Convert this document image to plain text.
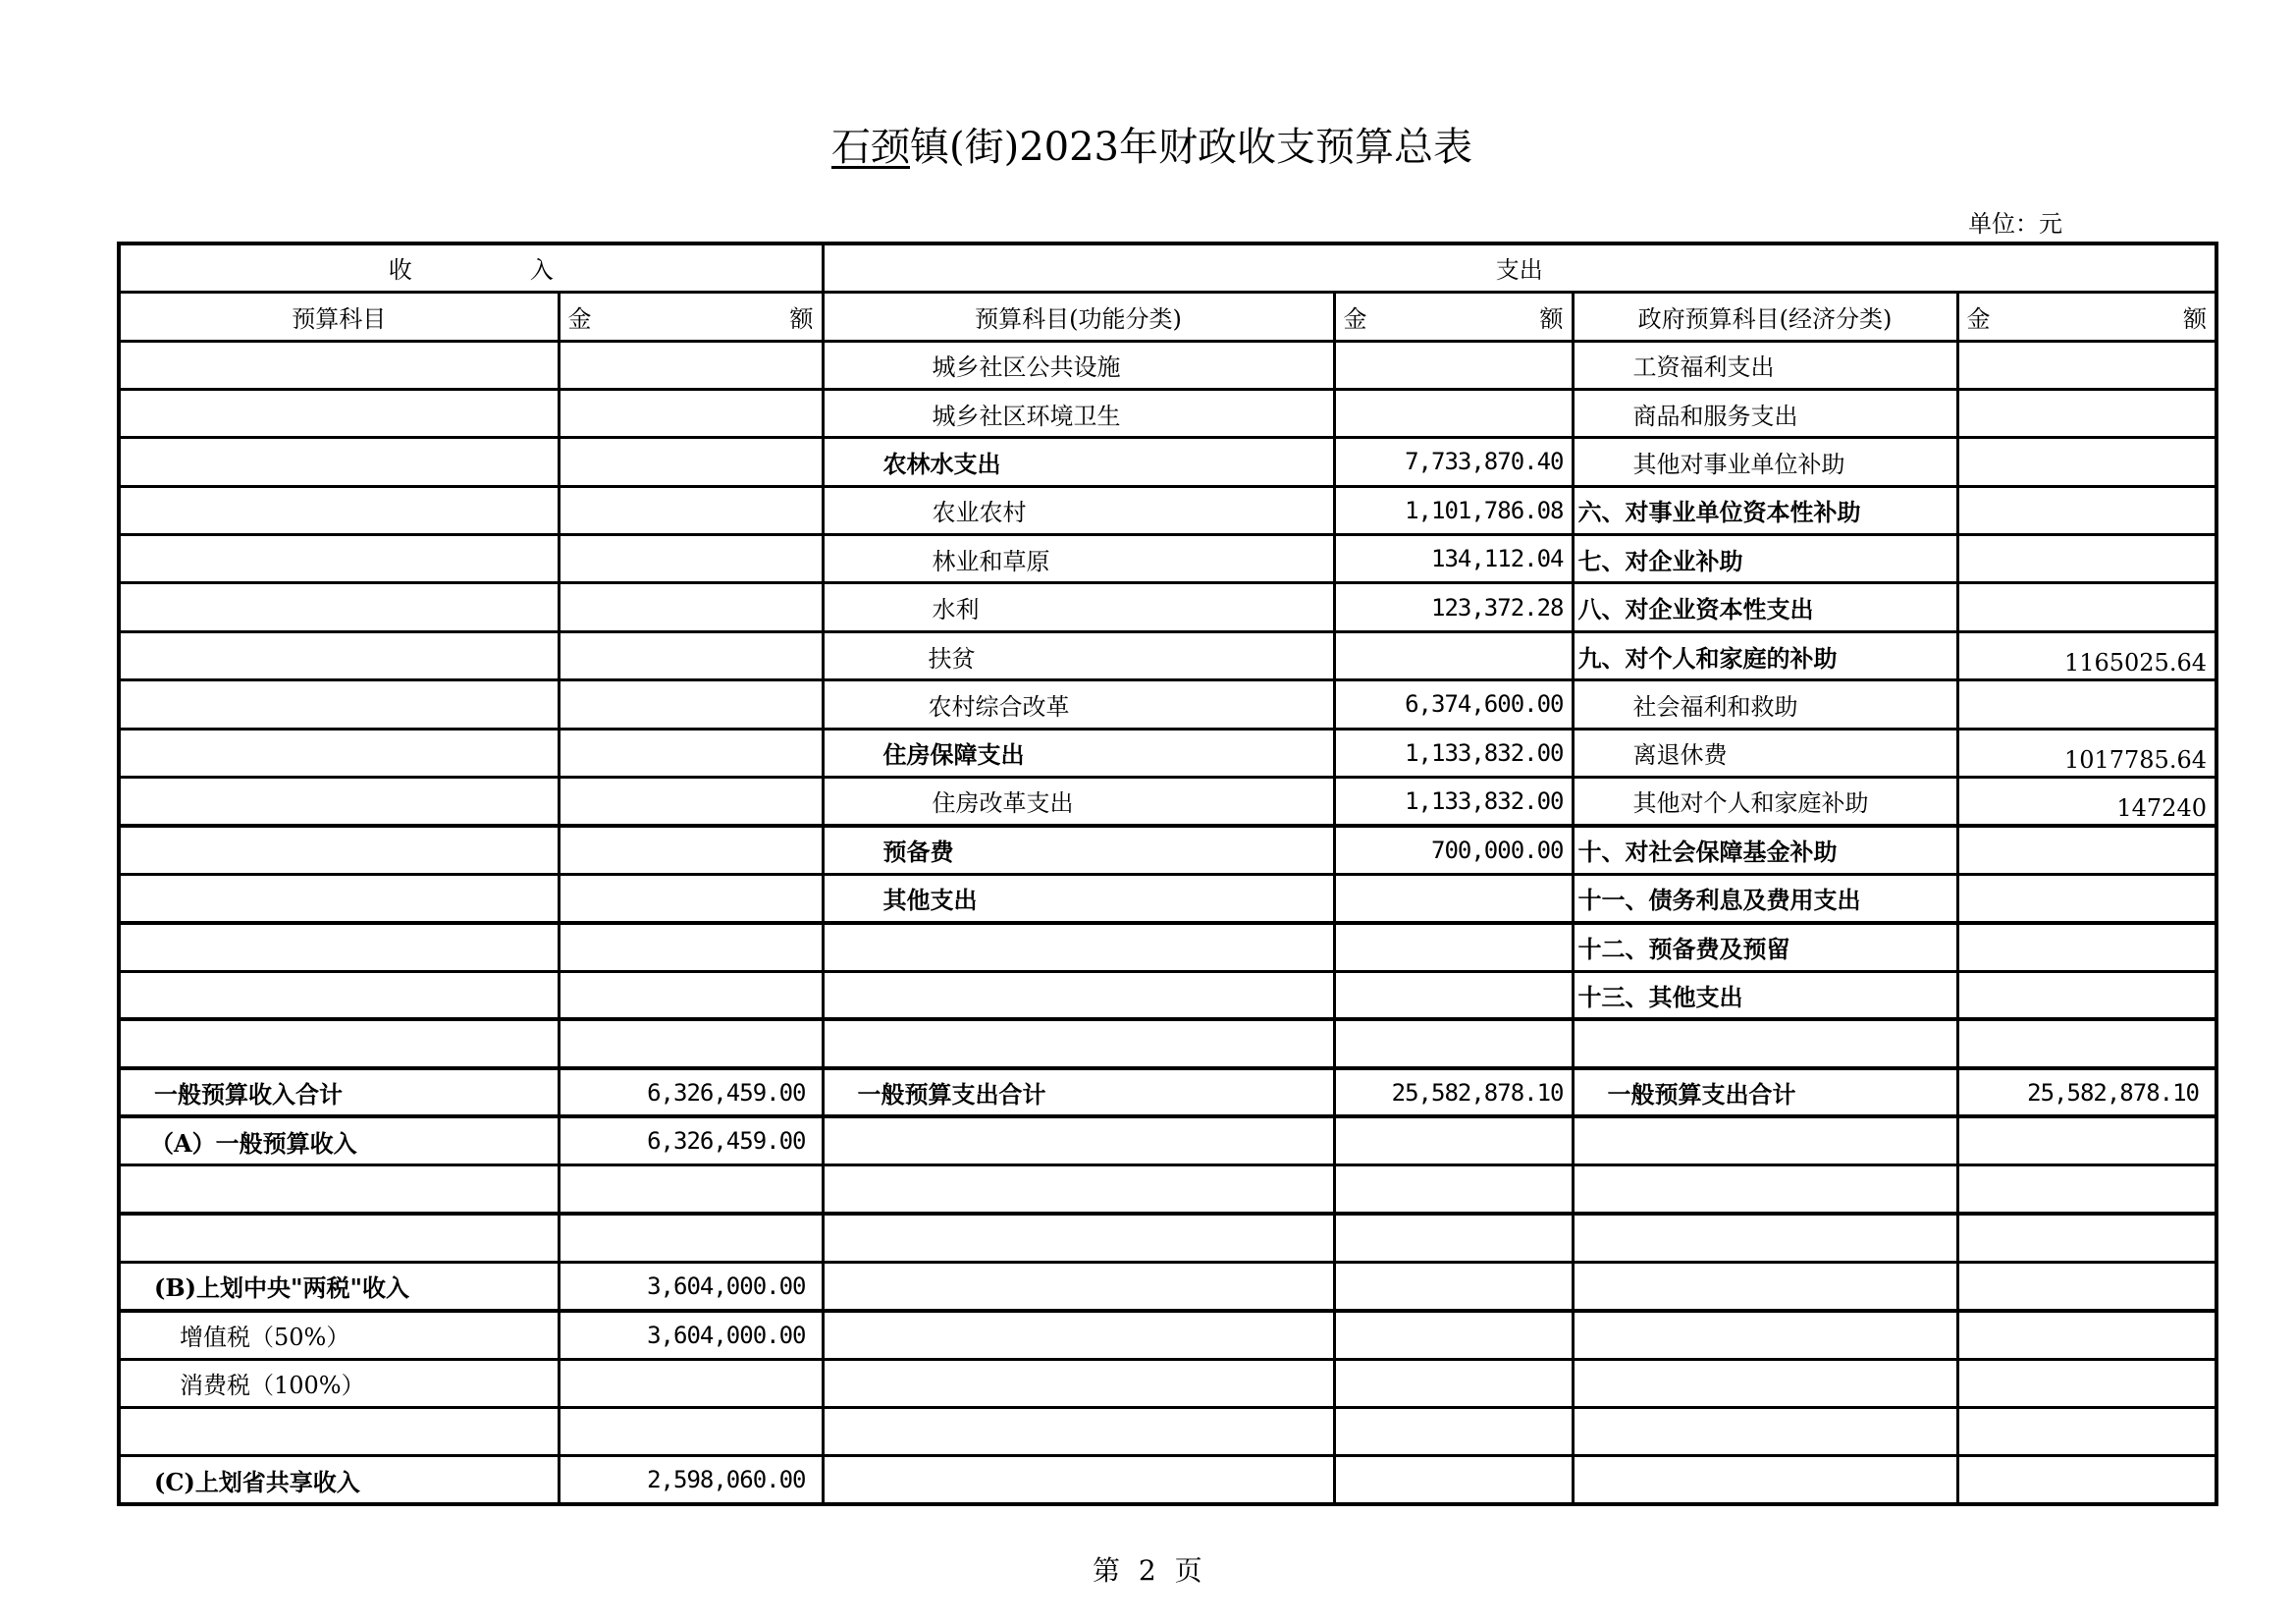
石颈镇(街)2023年财政收支预算总表
单位：元
收　　　　　入		支出			
预算科目	金 额	预算科目(功能分类)	金 额	政府预算科目(经济分类)	金 额

		城乡社区公共设施		工资福利支出	
		城乡社区环境卫生		商品和服务支出	
		农林水支出	7,733,870.40	其他对事业单位补助	
		农业农村	1,101,786.08	六、对事业单位资本性补助	
		林业和草原	134,112.04	七、对企业补助	
		水利	123,372.28	八、对企业资本性支出	
		扶贫		九、对个人和家庭的补助	1165025.64
		农村综合改革	6,374,600.00	社会福利和救助	
		住房保障支出	1,133,832.00	离退休费	1017785.64
		住房改革支出	1,133,832.00	其他对个人和家庭补助	147240
		预备费	700,000.00	十、对社会保障基金补助	
		其他支出		十一、债务利息及费用支出	
				十二、预备费及预留	
				十三、其他支出	

一般预算收入合计	6,326,459.00	一般预算支出合计	25,582,878.10	一般预算支出合计	25,582,878.10
（A）一般预算收入	6,326,459.00				

(B)上划中央"两税"收入	3,604,000.00				
增值税（50%）	3,604,000.00				
消费税（100%）					

(C)上划省共享收入	2,598,060.00				
第 2 页
